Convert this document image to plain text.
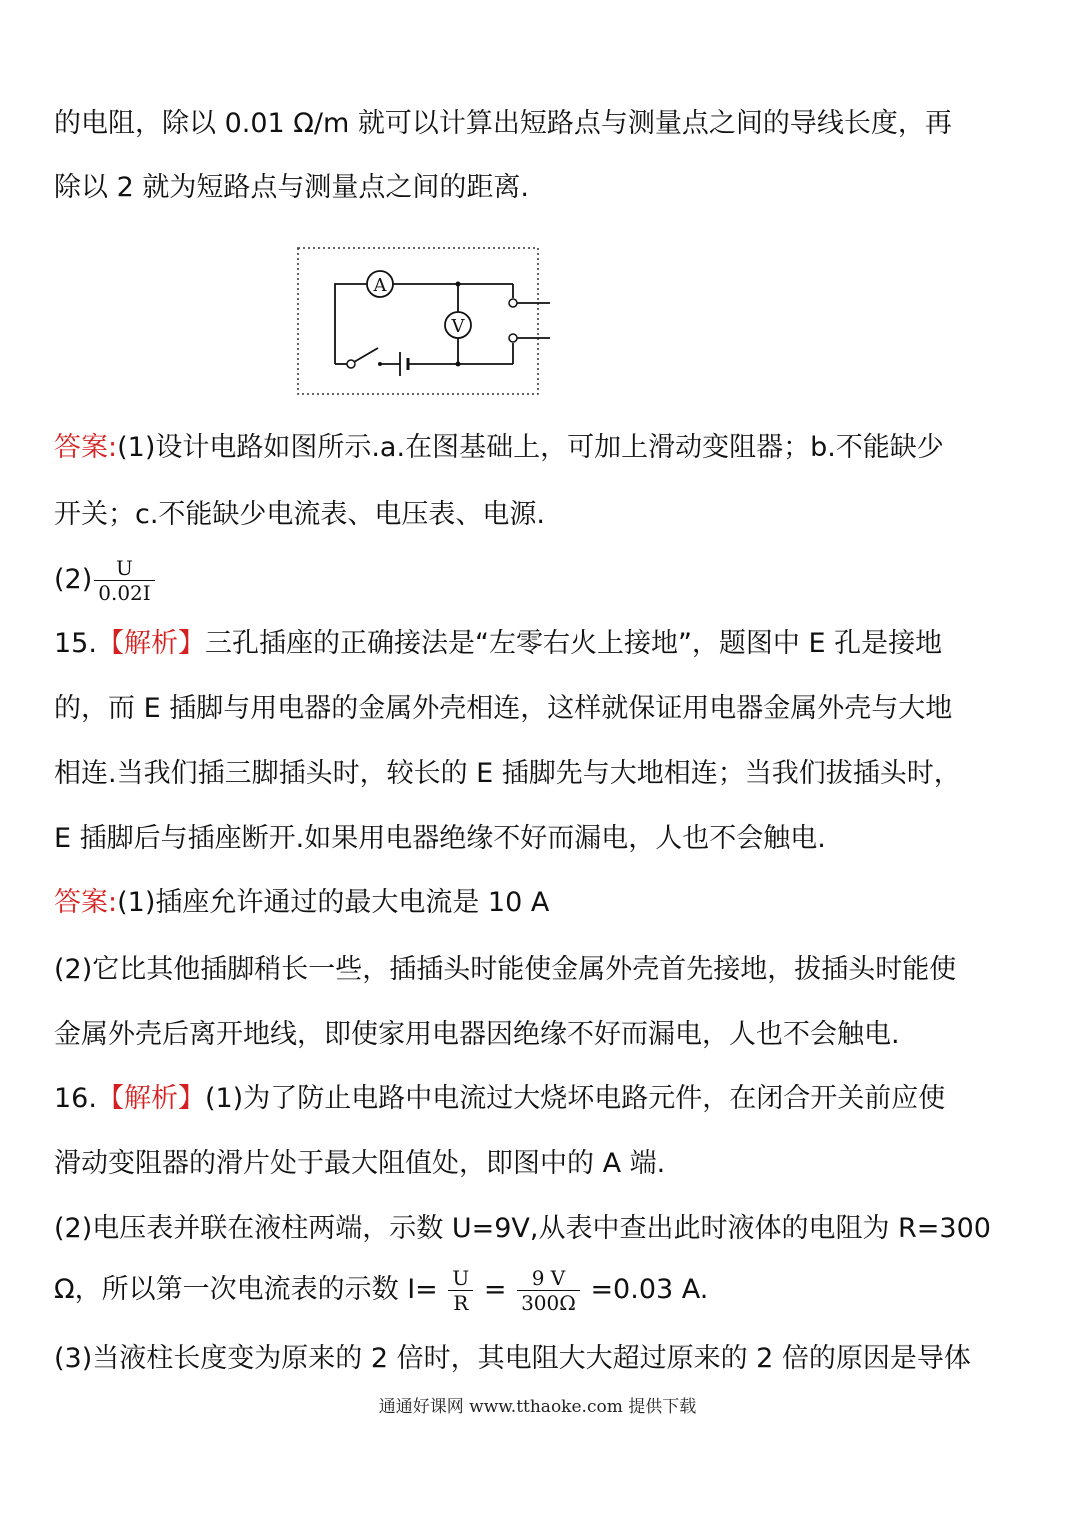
的电阻，除以 0.01 Ω/m 就可以计算出短路点与测量点之间的导线长度，再
除以 2 就为短路点与测量点之间的距离.
A
V
答案:(1)设计电路如图所示.a.在图基础上，可加上滑动变阻器；b.不能缺少
开关；c.不能缺少电流表、电压表、电源.
$(2) \frac{U}{0.02I}$
15.【解析】三孔插座的正确接法是“左零右火上接地”，题图中 E 孔是接地
的，而 E 插脚与用电器的金属外壳相连，这样就保证用电器金属外壳与大地
相连.当我们插三脚插头时，较长的 E 插脚先与大地相连；当我们拔插头时，
E 插脚后与插座断开.如果用电器绝缘不好而漏电，人也不会触电.
答案:(1)插座允许通过的最大电流是 10 A
(2)它比其他插脚稍长一些，插插头时能使金属外壳首先接地，拔插头时能使
金属外壳后离开地线，即使家用电器因绝缘不好而漏电，人也不会触电.
16.【解析】(1)为了防止电路中电流过大烧坏电路元件，在闭合开关前应使
滑动变阻器的滑片处于最大阻值处，即图中的 A 端.
(2)电压表并联在液柱两端，示数 U=9V,从表中查出此时液体的电阻为 R=300
Ω，所以第一次电流表的示数 $I= \frac{U}{R} = \frac{9 V}{300\Omega} =0.03$ A.
(3)当液柱长度变为原来的 2 倍时，其电阻大大超过原来的 2 倍的原因是导体
通通好课网 www.tthaoke.com 提供下载
